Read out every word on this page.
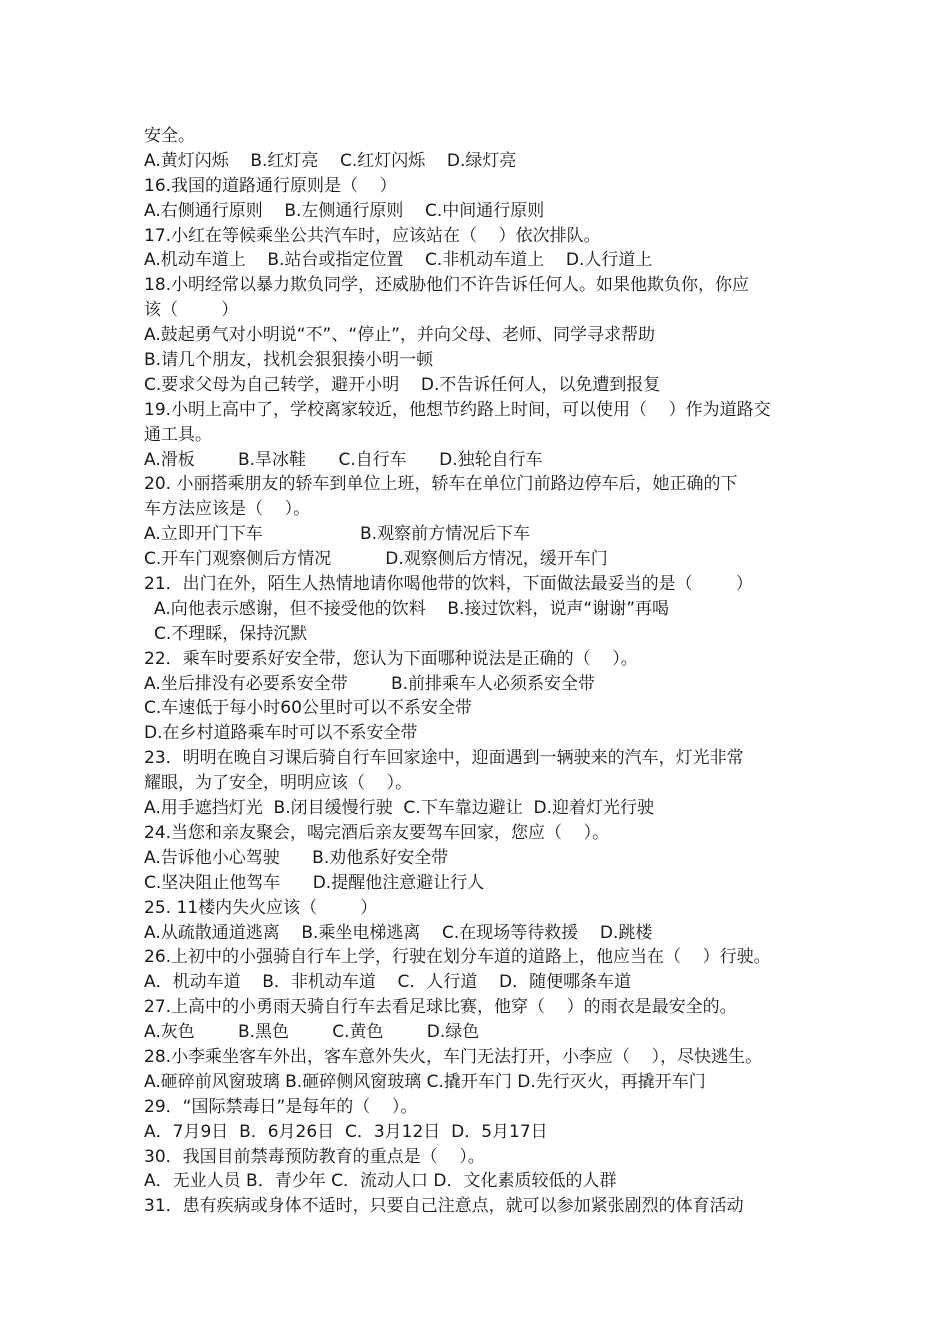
安全。
A.黄灯闪烁    B.红灯亮    C.红灯闪烁    D.绿灯亮
16.我国的道路通行原则是（    ）
A.右侧通行原则    B.左侧通行原则    C.中间通行原则
17.小红在等候乘坐公共汽车时，应该站在（    ）依次排队。
A.机动车道上    B.站台或指定位置    C.非机动车道上    D.人行道上
18.小明经常以暴力欺负同学，还威胁他们不许告诉任何人。如果他欺负你，你应
该（        ）
A.鼓起勇气对小明说“不”、“停止”，并向父母、老师、同学寻求帮助
B.请几个朋友，找机会狠狠揍小明一顿
C.要求父母为自己转学，避开小明    D.不告诉任何人，以免遭到报复
19.小明上高中了，学校离家较近，他想节约路上时间，可以使用（    ）作为道路交
通工具。
A.滑板        B.旱冰鞋      C.自行车      D.独轮自行车
20. 小丽搭乘朋友的轿车到单位上班，轿车在单位门前路边停车后，她正确的下
车方法应该是（    ）。
A.立即开门下车                  B.观察前方情况后下车
C.开车门观察侧后方情况          D.观察侧后方情况，缓开车门
21．出门在外，陌生人热情地请你喝他带的饮料，下面做法最妥当的是（        ）
A.向他表示感谢，但不接受他的饮料    B.接过饮料，说声“谢谢”再喝
C.不理睬，保持沉默
22．乘车时要系好安全带，您认为下面哪种说法是正确的（    ）。
A.坐后排没有必要系安全带        B.前排乘车人必须系安全带
C.车速低于每小时60公里时可以不系安全带
D.在乡村道路乘车时可以不系安全带
23．明明在晚自习课后骑自行车回家途中，迎面遇到一辆驶来的汽车，灯光非常
耀眼，为了安全，明明应该（    ）。
A.用手遮挡灯光  B.闭目缓慢行驶  C.下车靠边避让  D.迎着灯光行驶
24.当您和亲友聚会，喝完酒后亲友要驾车回家，您应（    ）。
A.告诉他小心驾驶      B.劝他系好安全带
C.坚决阻止他驾车      D.提醒他注意避让行人
25. 11楼内失火应该（        ）
A.从疏散通道逃离    B.乘坐电梯逃离    C.在现场等待救援    D.跳楼
26.上初中的小强骑自行车上学，行驶在划分车道的道路上，他应当在（    ）行驶。
A．机动车道    B．非机动车道    C．人行道    D．随便哪条车道
27.上高中的小勇雨天骑自行车去看足球比赛，他穿（    ）的雨衣是最安全的。
A.灰色        B.黑色        C.黄色        D.绿色
28.小李乘坐客车外出，客车意外失火，车门无法打开，小李应（    ），尽快逃生。
A.砸碎前风窗玻璃 B.砸碎侧风窗玻璃 C.撬开车门 D.先行灭火，再撬开车门
29．“国际禁毒日”是每年的（    ）。
A．7月9日  B．6月26日  C．3月12日  D．5月17日
30．我国目前禁毒预防教育的重点是（    ）。
A．无业人员 B．青少年 C．流动人口 D．文化素质较低的人群
31．患有疾病或身体不适时，只要自己注意点，就可以参加紧张剧烈的体育活动
